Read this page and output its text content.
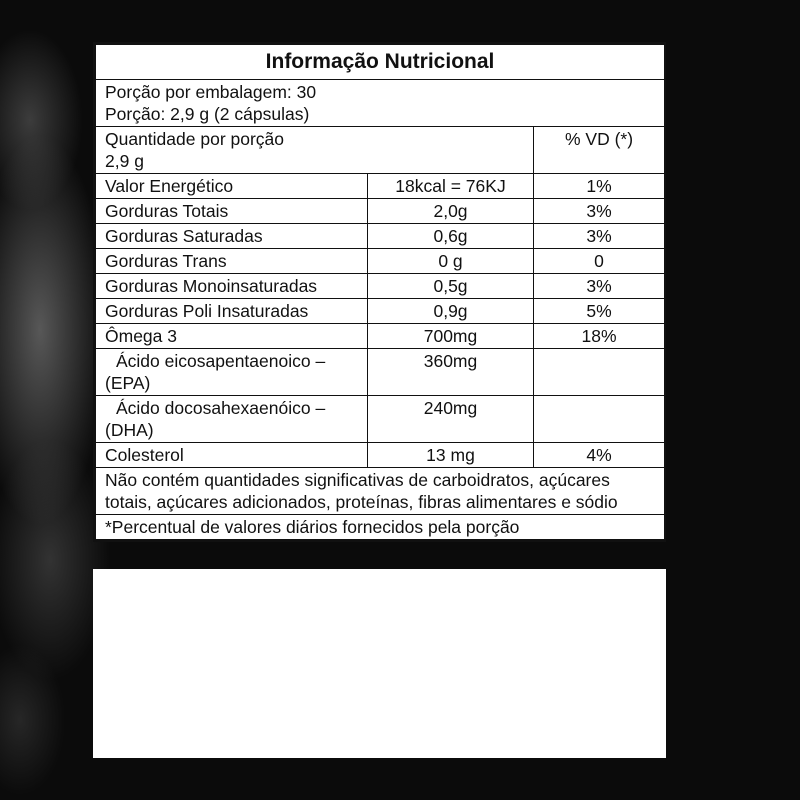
Informação Nutricional		

Porção por embalagem: 30
Porção: 2,9 g (2 cápsulas)		

Quantidade por porção
2,9 g		% VD (*)
Valor Energético	18kcal = 76KJ	1%
Gorduras Totais	2,0g	3%
Gorduras Saturadas	0,6g	3%
Gorduras Trans	0 g	0
Gorduras Monoinsaturadas	0,5g	3%
Gorduras Poli Insaturadas	0,9g	5%
Ômega 3	700mg	18%

Ácido eicosapentaenoico –
(EPA)	360mg	

Ácido docosahexaenóico –
(DHA)	240mg	
Colesterol	13 mg	4%
Não contém quantidades significativas de carboidratos, açúcares totais, açúcares adicionados, proteínas, fibras alimentares e sódio		
*Percentual de valores diários fornecidos pela porção		
